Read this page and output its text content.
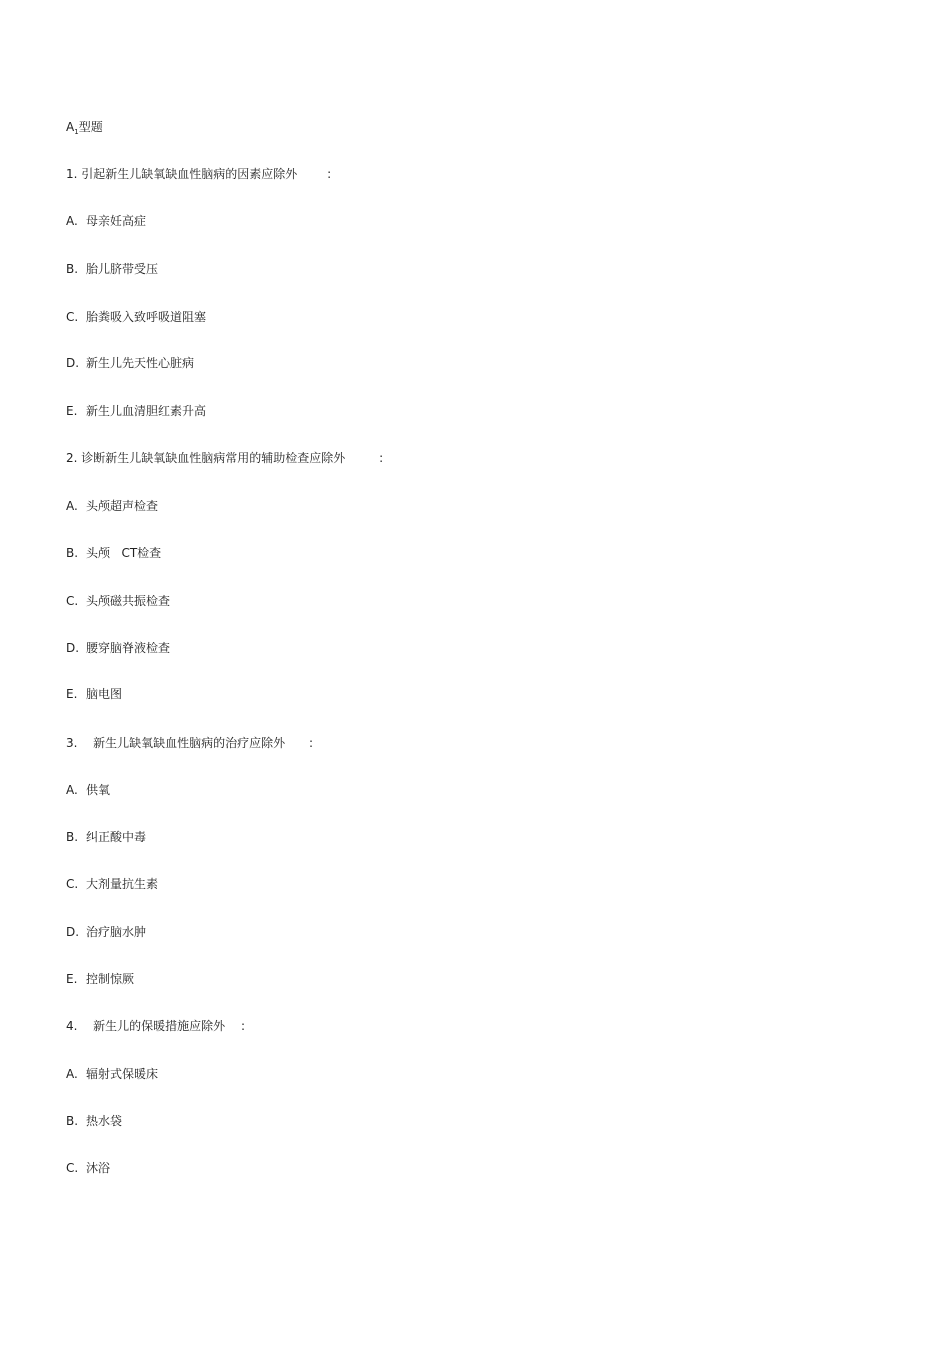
$A_1$型题
1. 引起新生儿缺氧缺血性脑病的因素应除外 :
A. 母亲妊高症
B. 胎儿脐带受压
C. 胎粪吸入致呼吸道阻塞
D. 新生儿先天性心脏病
E. 新生儿血清胆红素升高
2. 诊断新生儿缺氧缺血性脑病常用的辅助检查应除外	:
A. 头颅超声检查
B. 头颅   CT检查
C. 头颅磁共振检查
D. 腰穿脑脊液检查
E. 脑电图
3. 新生儿缺氧缺血性脑病的治疗应除外 :
A. 供氧
B. 纠正酸中毒
C. 大剂量抗生素
D. 治疗脑水肿
E. 控制惊厥
4. 新生儿的保暖措施应除外 :
A. 辐射式保暖床
B. 热水袋
C. 沐浴
